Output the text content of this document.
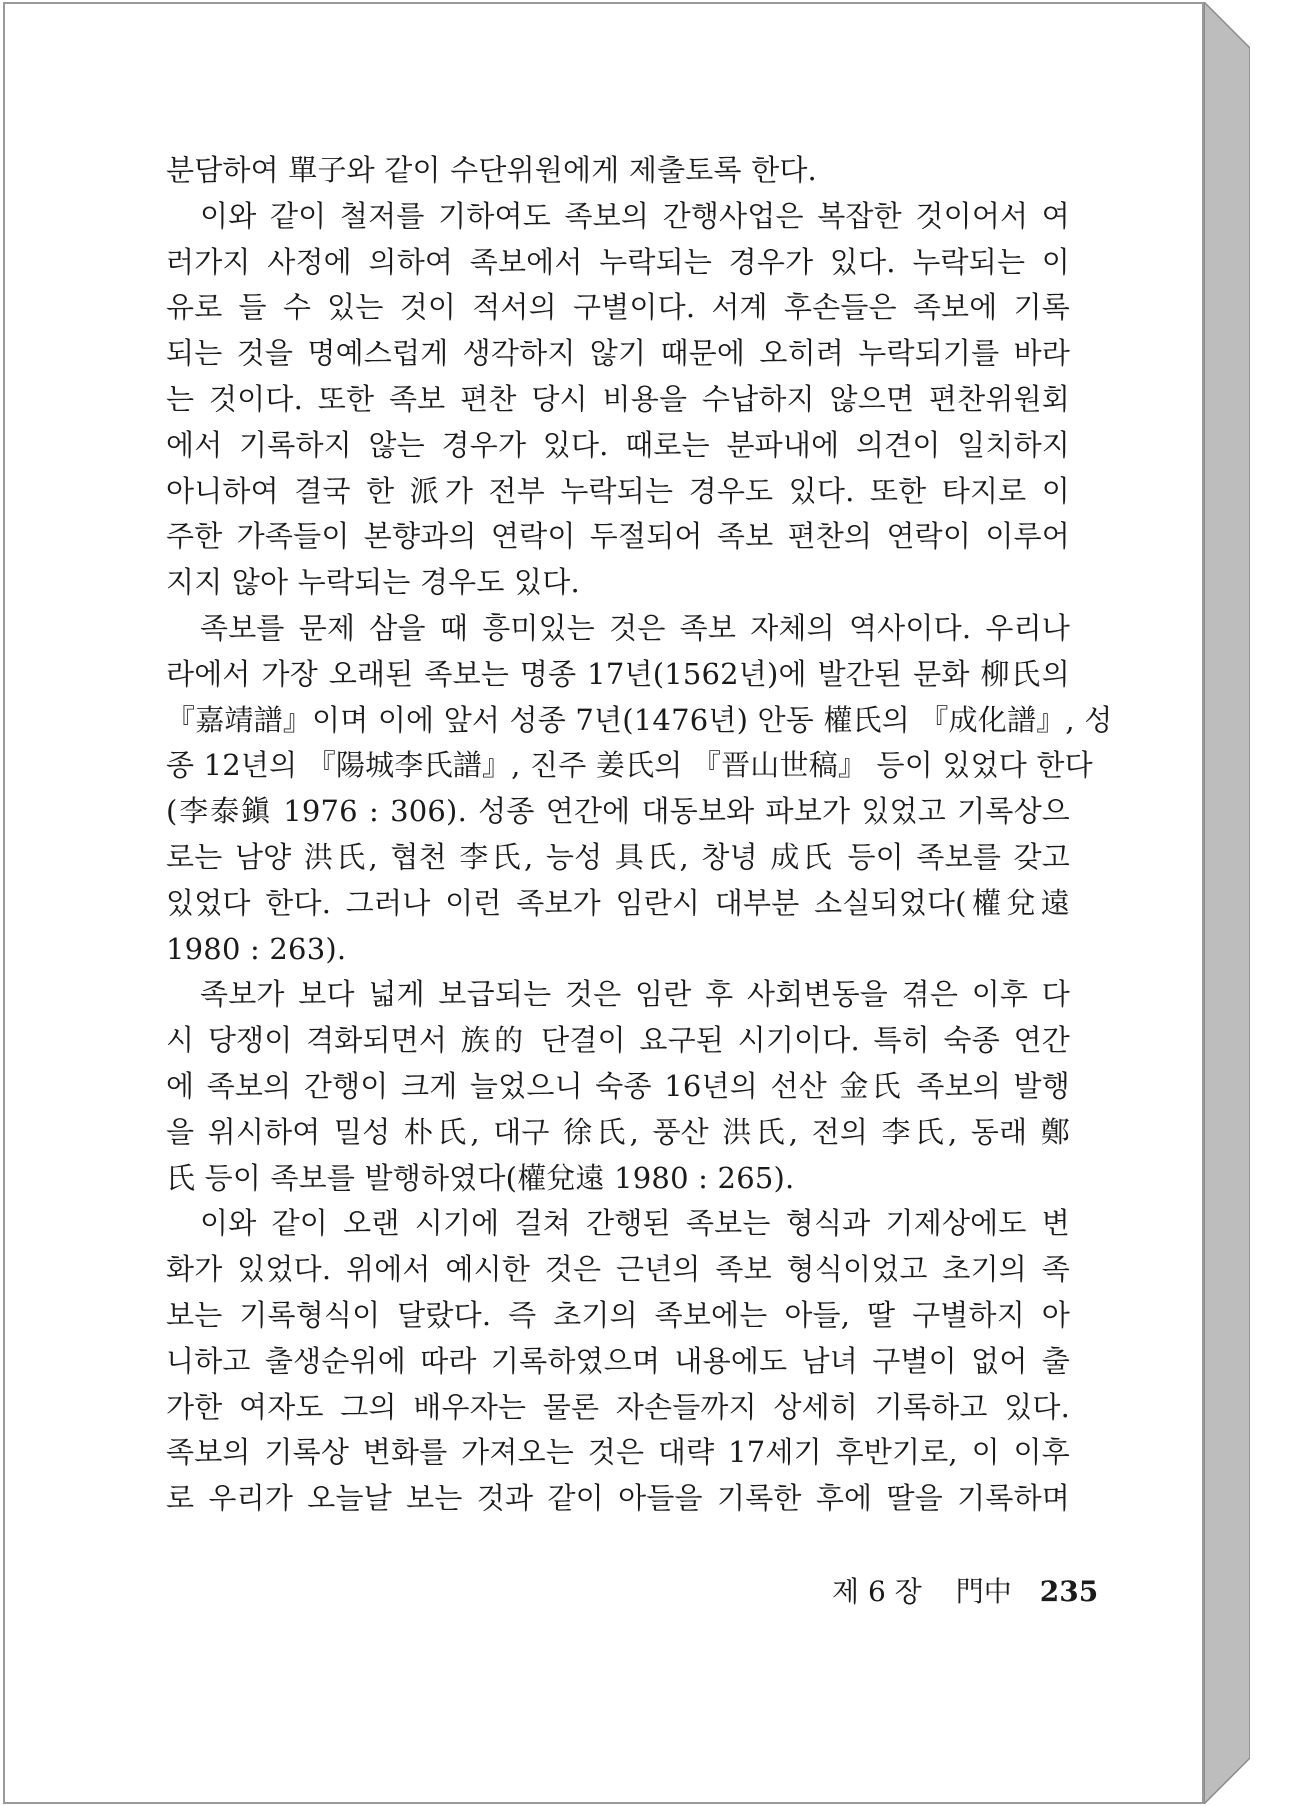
분담하여 單子와 같이 수단위원에게 제출토록 한다.
이와 같이 철저를 기하여도 족보의 간행사업은 복잡한 것이어서 여
러가지 사정에 의하여 족보에서 누락되는 경우가 있다. 누락되는 이
유로 들 수 있는 것이 적서의 구별이다. 서계 후손들은 족보에 기록
되는 것을 명예스럽게 생각하지 않기 때문에 오히려 누락되기를 바라
는 것이다. 또한 족보 편찬 당시 비용을 수납하지 않으면 편찬위원회
에서 기록하지 않는 경우가 있다. 때로는 분파내에 의견이 일치하지
아니하여 결국 한 派가 전부 누락되는 경우도 있다. 또한 타지로 이
주한 가족들이 본향과의 연락이 두절되어 족보 편찬의 연락이 이루어
지지 않아 누락되는 경우도 있다.
족보를 문제 삼을 때 흥미있는 것은 족보 자체의 역사이다. 우리나
라에서 가장 오래된 족보는 명종 17년(1562년)에 발간된 문화 柳氏의
『嘉靖譜』이며 이에 앞서 성종 7년(1476년) 안동 權氏의 『成化譜』, 성
종 12년의 『陽城李氏譜』, 진주 姜氏의 『晋山世稿』 등이 있었다 한다
(李泰鎭 1976 : 306). 성종 연간에 대동보와 파보가 있었고 기록상으
로는 남양 洪氏, 협천 李氏, 능성 具氏, 창녕 成氏 등이 족보를 갖고
있었다 한다. 그러나 이런 족보가 임란시 대부분 소실되었다(權兌遠
1980 : 263).
족보가 보다 넓게 보급되는 것은 임란 후 사회변동을 겪은 이후 다
시 당쟁이 격화되면서 族的 단결이 요구된 시기이다. 특히 숙종 연간
에 족보의 간행이 크게 늘었으니 숙종 16년의 선산 金氏 족보의 발행
을 위시하여 밀성 朴氏, 대구 徐氏, 풍산 洪氏, 전의 李氏, 동래 鄭
氏 등이 족보를 발행하였다(權兌遠 1980 : 265).
이와 같이 오랜 시기에 걸쳐 간행된 족보는 형식과 기제상에도 변
화가 있었다. 위에서 예시한 것은 근년의 족보 형식이었고 초기의 족
보는 기록형식이 달랐다. 즉 초기의 족보에는 아들, 딸 구별하지 아
니하고 출생순위에 따라 기록하였으며 내용에도 남녀 구별이 없어 출
가한 여자도 그의 배우자는 물론 자손들까지 상세히 기록하고 있다.
족보의 기록상 변화를 가져오는 것은 대략 17세기 후반기로, 이 이후
로 우리가 오늘날 보는 것과 같이 아들을 기록한 후에 딸을 기록하며
제 6 장 門中 235
